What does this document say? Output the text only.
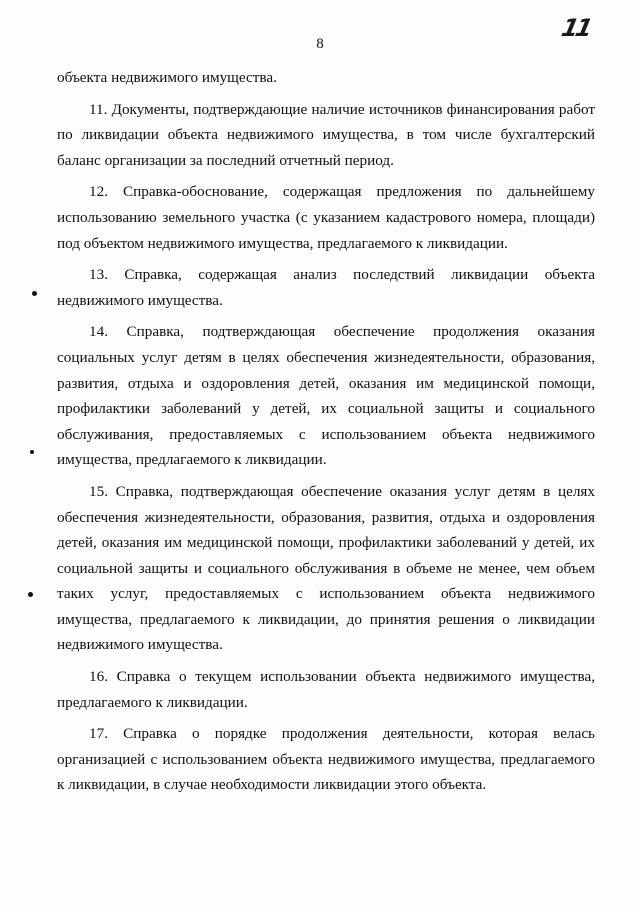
8
11

объекта недвижимого имущества.

11. Документы, подтверждающие наличие источников финансирования работ по ликвидации объекта недвижимого имущества, в том числе бухгалтерский баланс организации за последний отчетный период.

12. Справка-обоснование, содержащая предложения по дальнейшему использованию земельного участка (с указанием кадастрового номера, площади) под объектом недвижимого имущества, предлагаемого к ликвидации.

13. Справка, содержащая анализ последствий ликвидации объекта недвижимого имущества.

14. Справка, подтверждающая обеспечение продолжения оказания социальных услуг детям в целях обеспечения жизнедеятельности, образования, развития, отдыха и оздоровления детей, оказания им медицинской помощи, профилактики заболеваний у детей, их социальной защиты и социального обслуживания, предоставляемых с использованием объекта недвижимого имущества, предлагаемого к ликвидации.

15. Справка, подтверждающая обеспечение оказания услуг детям в целях обеспечения жизнедеятельности, образования, развития, отдыха и оздоровления детей, оказания им медицинской помощи, профилактики заболеваний у детей, их социальной защиты и социального обслуживания в объеме не менее, чем объем таких услуг, предоставляемых с использованием объекта недвижимого имущества, предлагаемого к ликвидации, до принятия решения о ликвидации недвижимого имущества.

16. Справка о текущем использовании объекта недвижимого имущества, предлагаемого к ликвидации.

17. Справка о порядке продолжения деятельности, которая велась организацией с использованием объекта недвижимого имущества, предлагаемого к ликвидации, в случае необходимости ликвидации этого объекта.
